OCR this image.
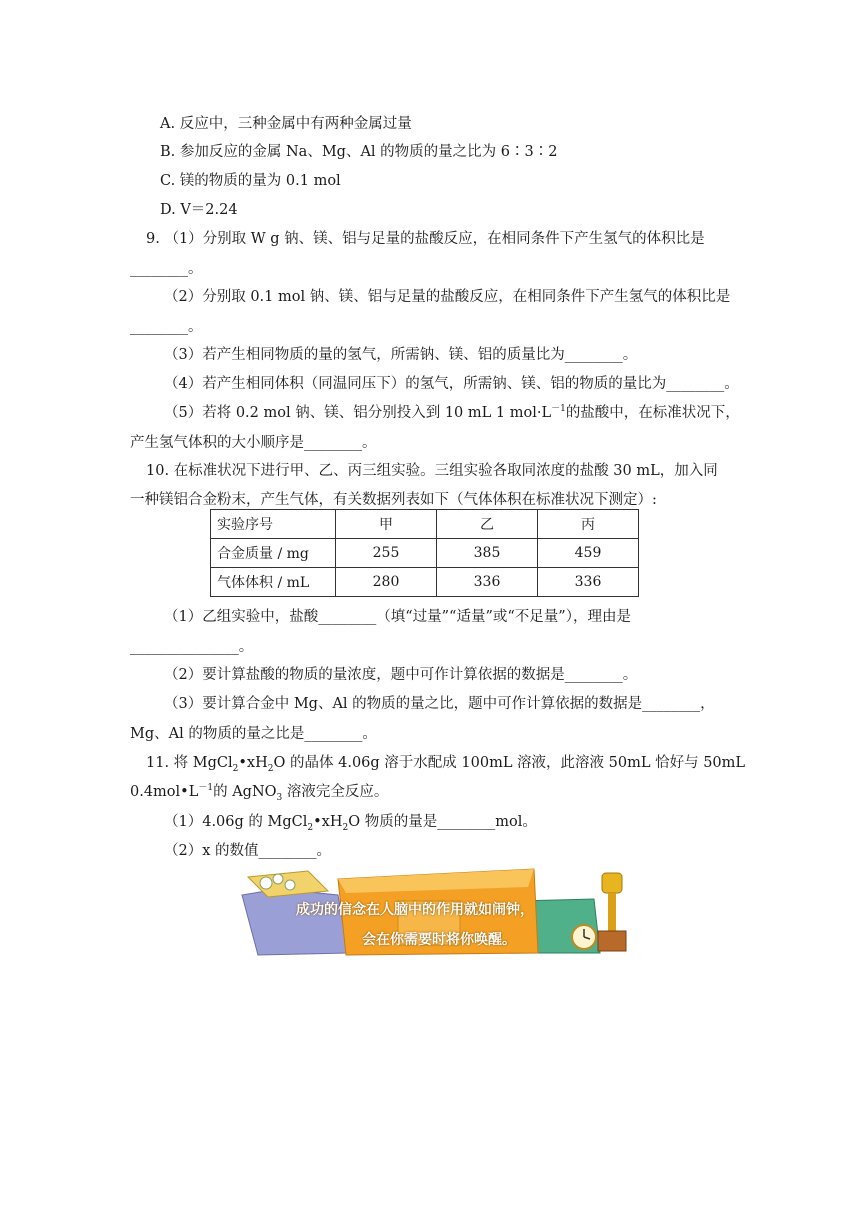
A. 反应中，三种金属中有两种金属过量
B. 参加反应的金属 Na、Mg、Al 的物质的量之比为 6∶3∶2
C. 镁的物质的量为 0.1 mol
D. V＝2.24
9. （1）分别取 W g 钠、镁、铝与足量的盐酸反应，在相同条件下产生氢气的体积比是
________。
（2）分别取 0.1 mol 钠、镁、铝与足量的盐酸反应，在相同条件下产生氢气的体积比是
________。
（3）若产生相同物质的量的氢气，所需钠、镁、铝的质量比为________。
（4）若产生相同体积（同温同压下）的氢气，所需钠、镁、铝的物质的量比为________。
（5）若将 0.2 mol 钠、镁、铝分别投入到 10 mL 1 $mol\cdot L^{-1}$的盐酸中，在标准状况下，
产生氢气体积的大小顺序是________。
10. 在标准状况下进行甲、乙、丙三组实验。三组实验各取同浓度的盐酸 30 mL，加入同
一种镁铝合金粉末，产生气体，有关数据列表如下（气体体积在标准状况下测定）:
实验序号	甲	乙	丙
合金质量 / mg	255	385	459
气体体积 / mL	280	336	336
（1）乙组实验中，盐酸________（填“过量”“适量”或“不足量”），理由是
_______________。
（2）要计算盐酸的物质的量浓度，题中可作计算依据的数据是________。
（3）要计算合金中 Mg、Al 的物质的量之比，题中可作计算依据的数据是________，
Mg、Al 的物质的量之比是________。
11. 将 $MgCl_2•xH_2O$ 的晶体 4.06g 溶于水配成 100mL 溶液，此溶液 50mL 恰好与 50mL
$0.4mol•L^{-1}$的 AgNO$_3$ 溶液完全反应。
（1）4.06g 的 $MgCl_2•xH_2O$ 物质的量是________mol。
（2）x 的数值________。
成功的信念在人脑中的作用就如闹钟，
会在你需要时将你唤醒。
